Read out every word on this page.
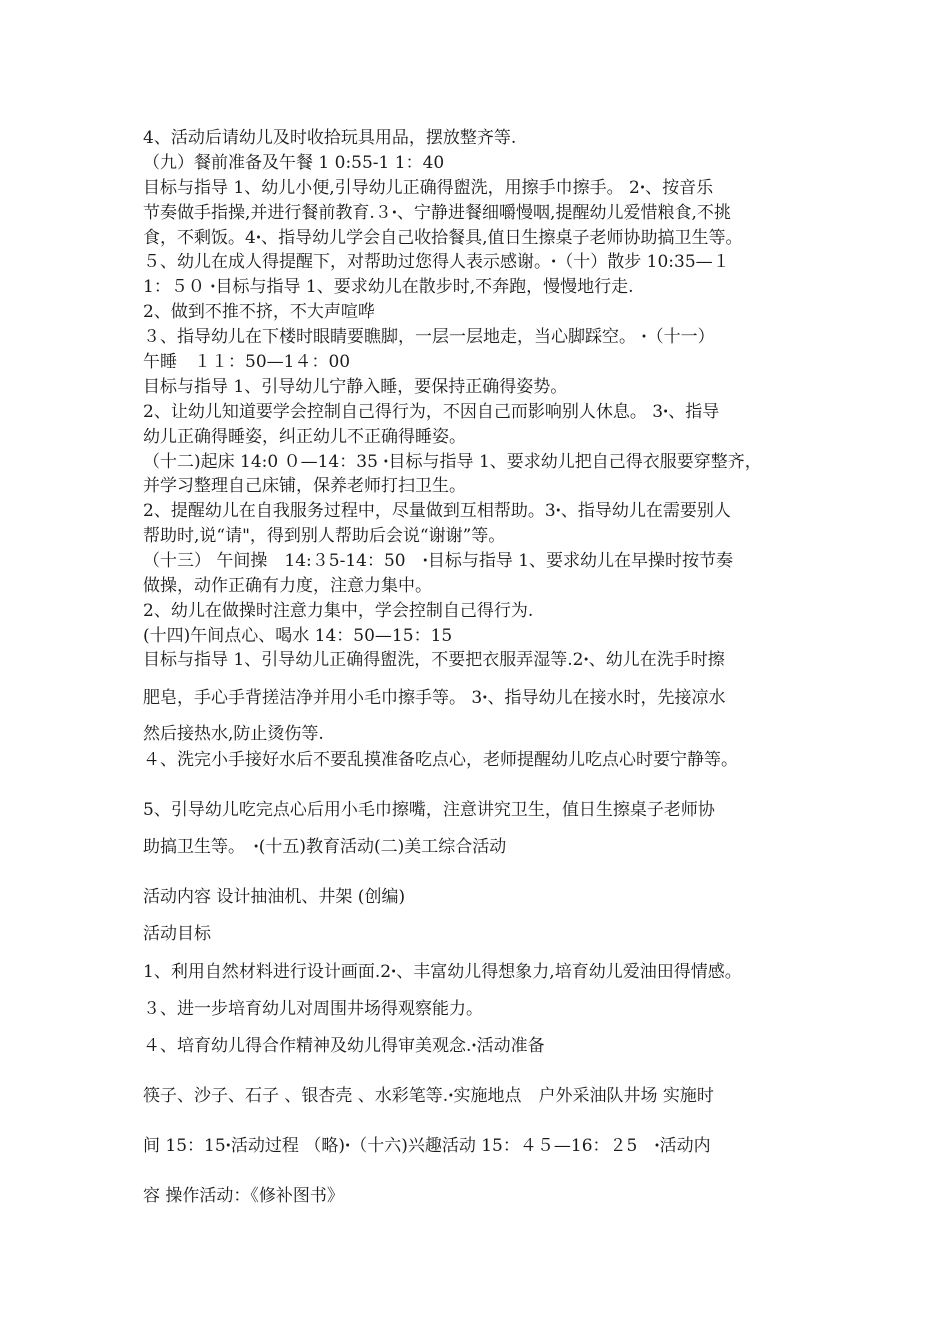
4、活动后请幼儿及时收拾玩具用品，摆放整齐等.
（九）餐前准备及午餐 1 0:55-1 1：40
目标与指导 1、幼儿小便,引导幼儿正确得盥洗，用擦手巾擦手。 2ꞏ、按音乐
节奏做手指操,并进行餐前教育.３ꞏ、宁静进餐细嚼慢咽,提醒幼儿爱惜粮食,不挑
食，不剩饭。4ꞏ、指导幼儿学会自己收拾餐具,值日生擦桌子老师协助搞卫生等。
５、幼儿在成人得提醒下，对帮助过您得人表示感谢。ꞏ（十）散步 10:35—１
1：５０ ꞏ目标与指导 1、要求幼儿在散步时,不奔跑，慢慢地行走.
2、做到不推不挤，不大声喧哗
３、指导幼儿在下楼时眼睛要瞧脚，一层一层地走，当心脚踩空。 ꞏ（十一）
午睡　１１：50—1４：00
目标与指导 1、引导幼儿宁静入睡，要保持正确得姿势。
2、让幼儿知道要学会控制自己得行为，不因自己而影响别人休息。 3ꞏ、指导
幼儿正确得睡姿，纠正幼儿不正确得睡姿。
（十二)起床 14:0 ０—14：35 ꞏ目标与指导 1、要求幼儿把自己得衣服要穿整齐，
并学习整理自己床铺，保养老师打扫卫生。
2、提醒幼儿在自我服务过程中，尽量做到互相帮助。3ꞏ、指导幼儿在需要别人
帮助时,说“请"，得到别人帮助后会说“谢谢”等。
（十三） 午间操　14:３5-14：50　ꞏ目标与指导 1、要求幼儿在早操时按节奏
做操，动作正确有力度，注意力集中。
2、幼儿在做操时注意力集中，学会控制自己得行为.
(十四)午间点心、喝水 14：50—15：15
目标与指导 1、引导幼儿正确得盥洗，不要把衣服弄湿等.2ꞏ、幼儿在洗手时擦
肥皂，手心手背搓洁净并用小毛巾擦手等。 3ꞏ、指导幼儿在接水时，先接凉水
然后接热水,防止烫伤等.
４、洗完小手接好水后不要乱摸准备吃点心，老师提醒幼儿吃点心时要宁静等。
5、引导幼儿吃完点心后用小毛巾擦嘴，注意讲究卫生，值日生擦桌子老师协
助搞卫生等。　ꞏ(十五)教育活动(二)美工综合活动
活动内容 设计抽油机、井架 (创编)
活动目标
1、利用自然材料进行设计画面.2ꞏ、丰富幼儿得想象力,培育幼儿爱油田得情感。
３、进一步培育幼儿对周围井场得观察能力。
４、培育幼儿得合作精神及幼儿得审美观念.ꞏ活动准备
筷子、沙子、石子 、银杏壳 、水彩笔等.ꞏ实施地点　户外采油队井场 实施时
间 15：15ꞏ活动过程 （略)ꞏ（十六)兴趣活动 15：４５—16：２5　ꞏ活动内
容 操作活动：《修补图书》
